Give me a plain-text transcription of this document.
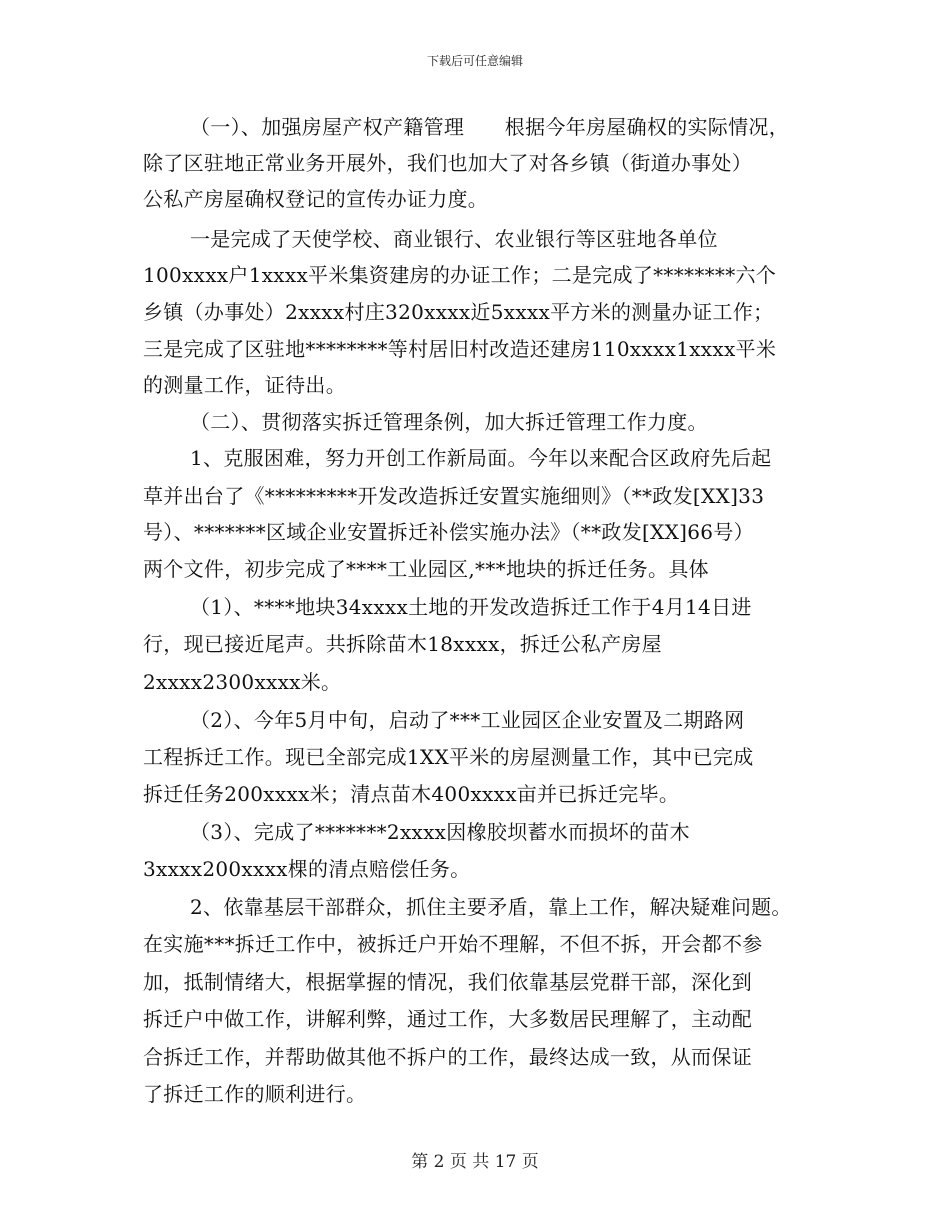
下载后可任意编辑
（一）、加强房屋产权产籍管理　　根据今年房屋确权的实际情况，
除了区驻地正常业务开展外，我们也加大了对各乡镇（街道办事处）
公私产房屋确权登记的宣传办证力度。
一是完成了天使学校、商业银行、农业银行等区驻地各单位
100xxxx户1xxxx平米集资建房的办证工作；二是完成了********六个
乡镇（办事处）2xxxx村庄320xxxx近5xxxx平方米的测量办证工作；
三是完成了区驻地********等村居旧村改造还建房110xxxx1xxxx平米
的测量工作，证待出。
（二）、贯彻落实拆迁管理条例，加大拆迁管理工作力度。
1、克服困难，努力开创工作新局面。今年以来配合区政府先后起
草并出台了《*********开发改造拆迁安置实施细则》（**政发[XX]33
号）、*******区域企业安置拆迁补偿实施办法》（**政发[XX]66号）
两个文件，初步完成了****工业园区,***地块的拆迁任务。具体
（1）、****地块34xxxx土地的开发改造拆迁工作于4月14日进
行，现已接近尾声。共拆除苗木18xxxx，拆迁公私产房屋
2xxxx2300xxxx米。
（2）、今年5月中旬，启动了***工业园区企业安置及二期路网
工程拆迁工作。现已全部完成1XX平米的房屋测量工作，其中已完成
拆迁任务200xxxx米；清点苗木400xxxx亩并已拆迁完毕。
（3）、完成了*******2xxxx因橡胶坝蓄水而损坏的苗木
3xxxx200xxxx棵的清点赔偿任务。
2、依靠基层干部群众，抓住主要矛盾，靠上工作，解决疑难问题。
在实施***拆迁工作中，被拆迁户开始不理解，不但不拆，开会都不参
加，抵制情绪大，根据掌握的情况，我们依靠基层党群干部，深化到
拆迁户中做工作，讲解利弊，通过工作，大多数居民理解了，主动配
合拆迁工作，并帮助做其他不拆户的工作，最终达成一致，从而保证
了拆迁工作的顺利进行。
第 2 页 共 17 页
